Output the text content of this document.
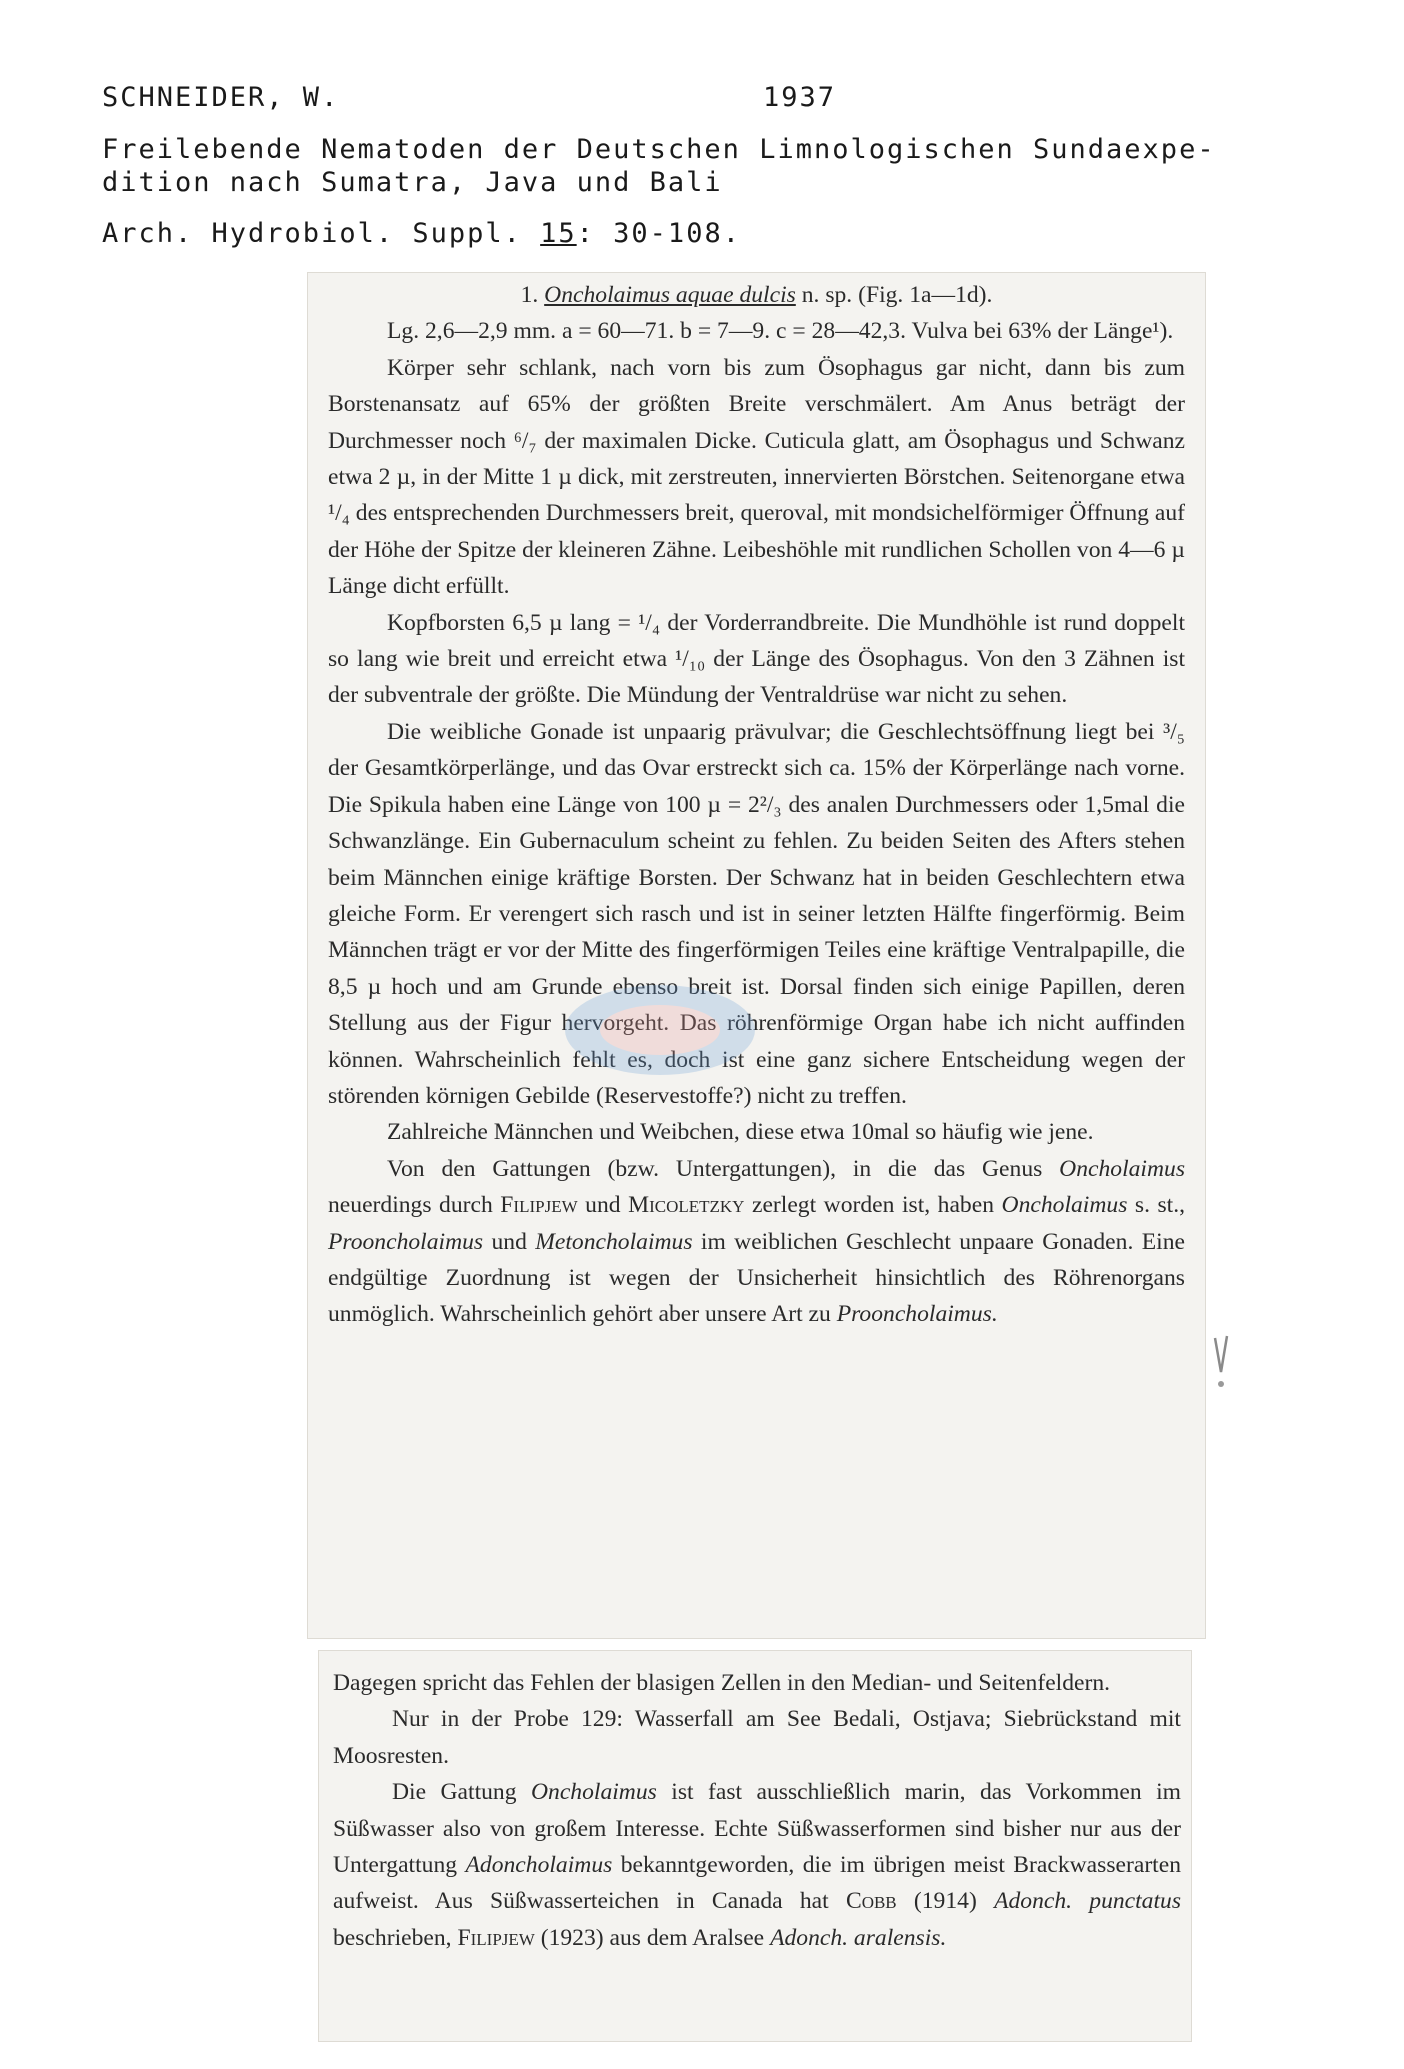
SCHNEIDER, W.	1937
Freilebende Nematoden der Deutschen Limnologischen Sundaexpe-
dition nach Sumatra, Java und Bali
Arch. Hydrobiol. Suppl. 15: 30-108.

1. Oncholaimus aquae dulcis n. sp. (Fig. 1a—1d).

Lg. 2,6—2,9 mm. a = 60—71. b = 7—9. c = 28—42,3. Vulva bei 63% der Länge¹).

Körper sehr schlank, nach vorn bis zum Ösophagus gar nicht, dann bis zum Borstenansatz auf 65% der größten Breite verschmälert. Am Anus beträgt der Durchmesser noch ⁶/₇ der maximalen Dicke. Cuticula glatt, am Ösophagus und Schwanz etwa 2 µ, in der Mitte 1 µ dick, mit zerstreuten, innervierten Börstchen. Seitenorgane etwa ¹/₄ des entsprechenden Durchmessers breit, queroval, mit mondsichelförmiger Öffnung auf der Höhe der Spitze der kleineren Zähne. Leibeshöhle mit rundlichen Schollen von 4—6 µ Länge dicht erfüllt.

Kopfborsten 6,5 µ lang = ¹/₄ der Vorderrandbreite. Die Mundhöhle ist rund doppelt so lang wie breit und erreicht etwa ¹/₁₀ der Länge des Ösophagus. Von den 3 Zähnen ist der subventrale der größte. Die Mündung der Ventraldrüse war nicht zu sehen.

Die weibliche Gonade ist unpaarig prävulvar; die Geschlechtsöffnung liegt bei ³/₅ der Gesamtkörperlänge, und das Ovar erstreckt sich ca. 15% der Körperlänge nach vorne. Die Spikula haben eine Länge von 100 µ = 2²/₃ des analen Durchmessers oder 1,5mal die Schwanzlänge. Ein Gubernaculum scheint zu fehlen. Zu beiden Seiten des Afters stehen beim Männchen einige kräftige Borsten. Der Schwanz hat in beiden Geschlechtern etwa gleiche Form. Er verengert sich rasch und ist in seiner letzten Hälfte fingerförmig. Beim Männchen trägt er vor der Mitte des fingerförmigen Teiles eine kräftige Ventralpapille, die 8,5 µ hoch und am Grunde ebenso breit ist. Dorsal finden sich einige Papillen, deren Stellung aus der Figur hervorgeht. Das röhrenförmige Organ habe ich nicht auffinden können. Wahrscheinlich fehlt es, doch ist eine ganz sichere Entscheidung wegen der störenden körnigen Gebilde (Reservestoffe?) nicht zu treffen.

Zahlreiche Männchen und Weibchen, diese etwa 10mal so häufig wie jene.

Von den Gattungen (bzw. Untergattungen), in die das Genus Oncholaimus neuerdings durch Filipjew und Micoletzky zerlegt worden ist, haben Oncholaimus s. st., Prooncholaimus und Metoncholaimus im weiblichen Geschlecht unpaare Gonaden. Eine endgültige Zuordnung ist wegen der Unsicherheit hinsichtlich des Röhrenorgans unmöglich. Wahrscheinlich gehört aber unsere Art zu Prooncholaimus.

Dagegen spricht das Fehlen der blasigen Zellen in den Median- und Seitenfeldern.

Nur in der Probe 129: Wasserfall am See Bedali, Ostjava; Siebrückstand mit Moosresten.

Die Gattung Oncholaimus ist fast ausschließlich marin, das Vorkommen im Süßwasser also von großem Interesse. Echte Süßwasserformen sind bisher nur aus der Untergattung Adoncholaimus bekanntgeworden, die im übrigen meist Brackwasserarten aufweist. Aus Süßwasserteichen in Canada hat Cobb (1914) Adonch. punctatus beschrieben, Filipjew (1923) aus dem Aralsee Adonch. aralensis.
